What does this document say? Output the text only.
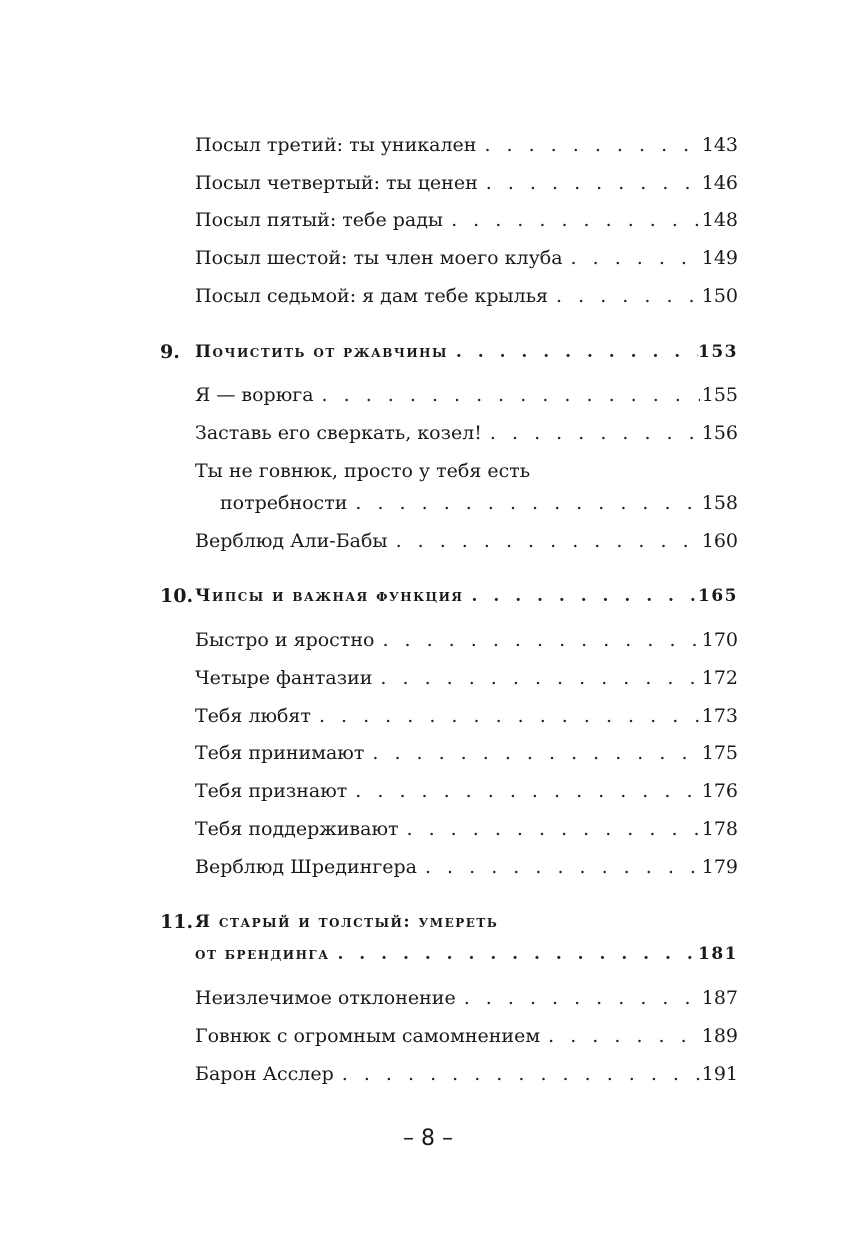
Посыл третий: ты уникален . . .	143
Посыл четвертый: ты ценен . . .	146
Посыл пятый: тебе рады . . .	148
Посыл шестой: ты член моего клуба . . .	149
Посыл седьмой: я дам тебе крылья . . .	150
9. Почистить от ржавчины . . .	153
Я — ворюга . . .	155
Заставь его сверкать, козел! . . .	156
Ты не говнюк, просто у тебя есть
потребности . . .	158
Верблюд Али-Бабы . . .	160
10. Чипсы и важная функция . . .	165
Быстро и яростно . . .	170
Четыре фантазии . . .	172
Тебя любят . . .	173
Тебя принимают . . .	175
Тебя признают . . .	176
Тебя поддерживают . . .	178
Верблюд Шредингера . . .	179
11. Я старый и толстый: умереть
от брендинга . . .	181
Неизлечимое отклонение . . .	187
Говнюк с огромным самомнением . . .	189
Барон Асслер . . .	191
– 8 –
